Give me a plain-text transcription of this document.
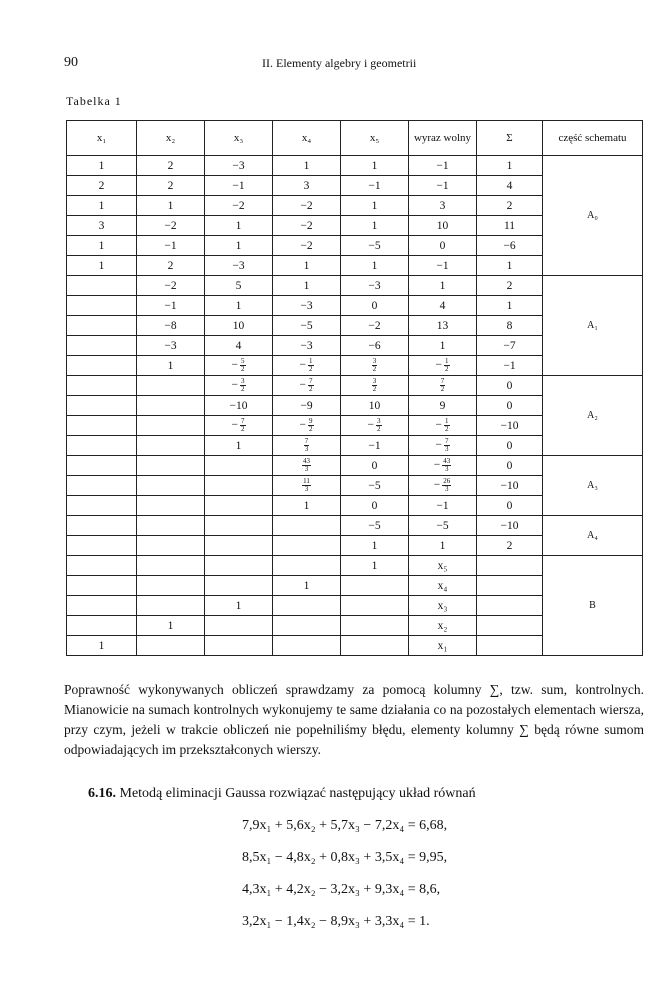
90	II. Elementy algebry i geometrii
Tabelka 1
x₁	x₂	x₃	x₄	x₅	wyraz wolny	Σ	część schematu
1	2	−3	1	1	−1	1	A₀
2	2	−1	3	−1	−1	4	
1	1	−2	−2	1	3	2	
3	−2	1	−2	1	10	11	
1	−1	1	−2	−5	0	−6	
1	2	−3	1	1	−1	1	
	−2	5	1	−3	1	2	A₁
	−1	1	−3	0	4	1	
	−8	10	−5	−2	13	8	
	−3	4	−3	−6	1	−7	
	1	− $\frac{5}{2}$	− $\frac{1}{2}$	$\frac{3}{2}$	− $\frac{1}{2}$	−1	
		− $\frac{3}{2}$	− $\frac{7}{2}$	$\frac{3}{2}$	$\frac{7}{2}$	0	A₂
		−10	−9	10	9	0	
		− $\frac{7}{2}$	− $\frac{9}{2}$	− $\frac{3}{2}$	− $\frac{1}{2}$	−10	
		1	$\frac{7}{3}$	−1	− $\frac{7}{3}$	0	

			$\frac{43}{3}$	0	− $\frac{43}{3}$	0	A₃

			$\frac{11}{3}$	−5	− $\frac{26}{3}$	−10	
			1	0	−1	0	
				−5	−5	−10	A₄
				1	1	2	
				1	x₅		B
			1		x₄		
		1			x₃		
	1				x₂		
1					x₁		
Poprawność wykonywanych obliczeń sprawdzamy za pomocą kolumny ∑, tzw. sum, kontrolnych. Mianowicie na sumach kontrolnych wykonujemy te same działania co na pozostałych elementach wiersza, przy czym, jeżeli w trakcie obliczeń nie popełniliśmy błędu, elementy kolumny ∑ będą równe sumom odpowiadających im przekształconych wierszy.
6.16. Metodą eliminacji Gaussa rozwiązać następujący układ równań
7,9x₁ + 5,6x₂ + 5,7x₃ − 7,2x₄ = 6,68,
8,5x₁ − 4,8x₂ + 0,8x₃ + 3,5x₄ = 9,95,
4,3x₁ + 4,2x₂ − 3,2x₃ + 9,3x₄ = 8,6,
3,2x₁ − 1,4x₂ − 8,9x₃ + 3,3x₄ = 1.
